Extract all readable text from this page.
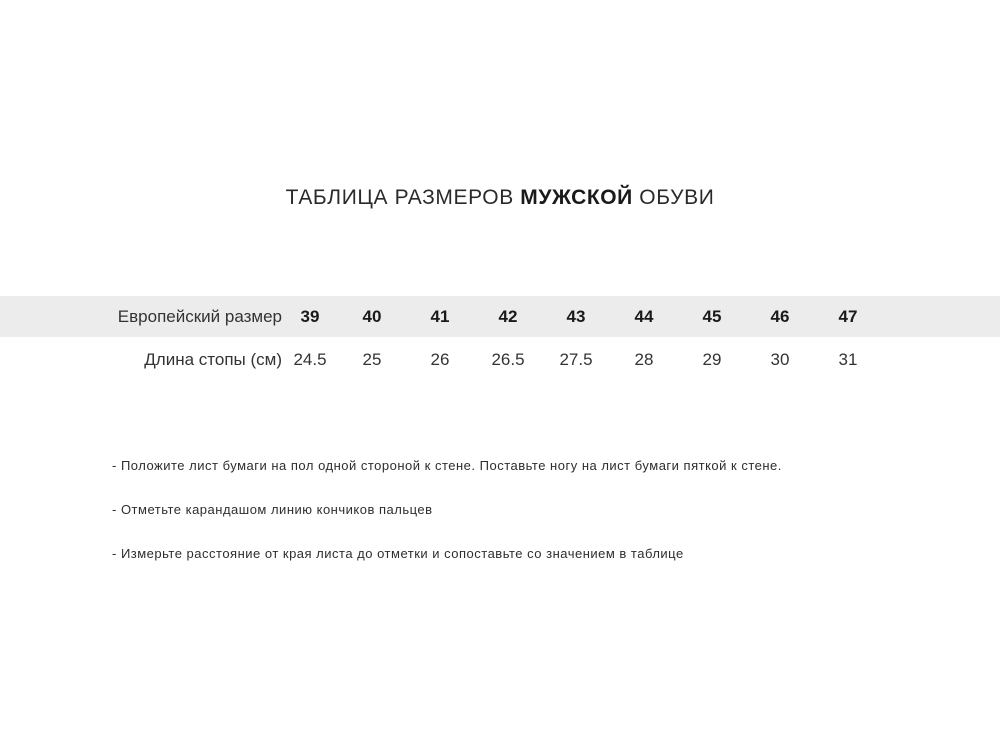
ТАБЛИЦА РАЗМЕРОВ МУЖСКОЙ ОБУВИ
Европейский размер	39	40	41	42	43	44	45	46	47	
Длина стопы (см)	24.5	25	26	26.5	27.5	28	29	30	31	
- Положите лист бумаги на пол одной стороной к стене. Поставьте ногу на лист бумаги пяткой к стене.
- Отметьте карандашом линию кончиков пальцев
- Измерьте расстояние от края листа до отметки и сопоставьте со значением в таблице
